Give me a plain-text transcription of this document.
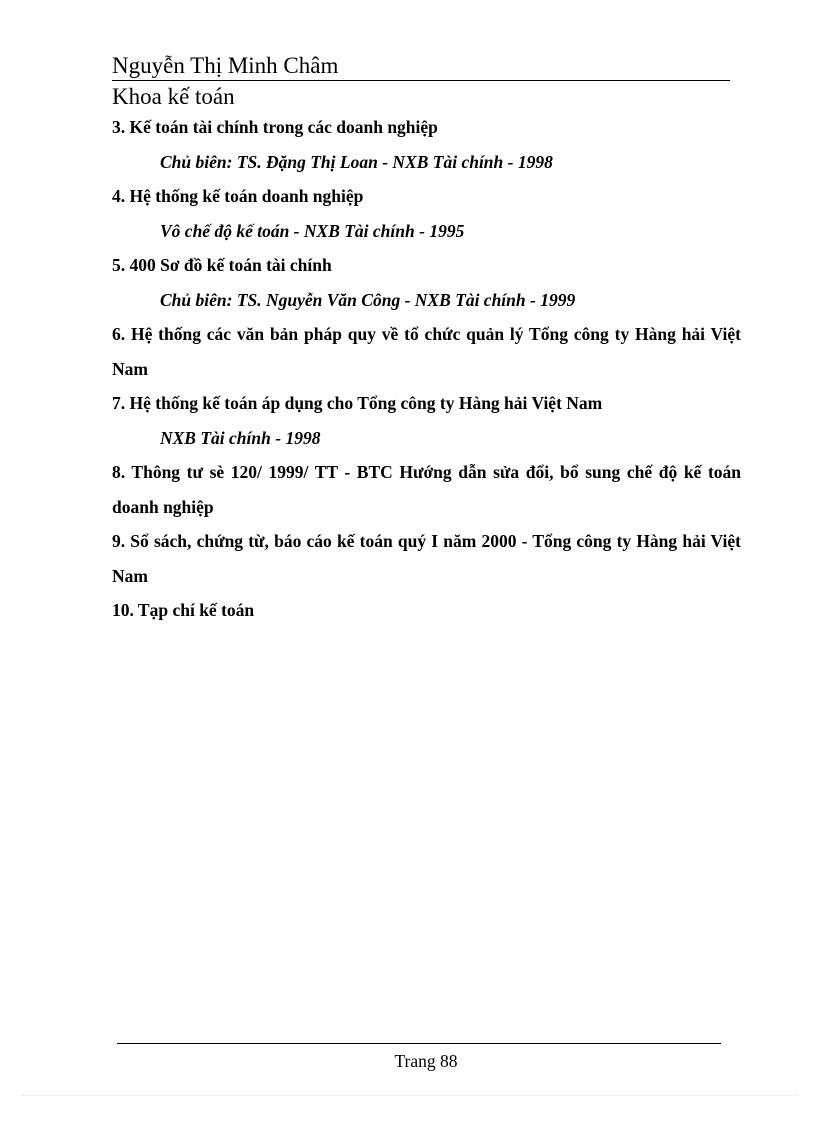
Nguyễn Thị Minh Châm
Khoa kế toán
3. Kế toán tài chính trong các doanh nghiệp
Chủ biên: TS. Đặng Thị Loan - NXB Tài chính - 1998
4. Hệ thống kế toán doanh nghiệp
Vô chế độ kế toán - NXB Tài chính - 1995
5. 400 Sơ đồ kế toán tài chính
Chủ biên: TS. Nguyễn Văn Công - NXB Tài chính - 1999
6. Hệ thống các văn bản pháp quy về tổ chức quản lý Tổng công ty Hàng hải Việt Nam
7. Hệ thống kế toán áp dụng cho Tổng công ty Hàng hải Việt Nam
NXB Tài chính - 1998
8. Thông tư sè 120/ 1999/ TT - BTC Hướng dẫn sửa đổi, bổ sung chế độ kế toán doanh nghiệp
9. Sổ sách, chứng từ, báo cáo kế toán quý I năm 2000 - Tổng công ty Hàng hải Việt Nam
10. Tạp chí kế toán
Trang 88
